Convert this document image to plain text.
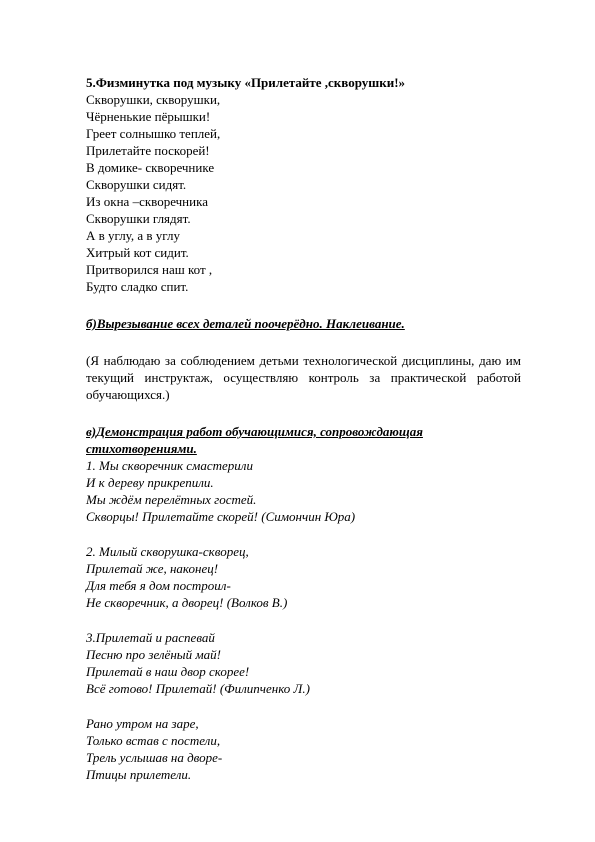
5.Физминутка под музыку «Прилетайте ,скворушки!»

Скворушки, скворушки,

Чёрненькие пёрышки!

Греет солнышко теплей,

Прилетайте поскорей!

В домике- скворечнике

Скворушки сидят.

Из окна –скворечника

Скворушки глядят.

А в углу, а в углу

Хитрый кот сидит.

Притворился наш кот ,

Будто сладко спит.

б)Вырезывание всех деталей поочерёдно. Наклеивание.

(Я наблюдаю за соблюдением детьми технологической дисциплины, даю им текущий инструктаж, осуществляю контроль за практической работой обучающихся.)

в)Демонстрация работ обучающимися, сопровождающая стихотворениями.

1. Мы скворечник смастерили

И к дереву прикрепили.

Мы ждём перелётных гостей.

Скворцы! Прилетайте скорей! (Симончин Юра)

2. Милый скворушка-скворец,

Прилетай же, наконец!

Для тебя я дом построил-

Не скворечник, а дворец! (Волков В.)

3.Прилетай и распевай

Песню про зелёный май!

Прилетай в наш двор скорее!

Всё готово! Прилетай! (Филипченко Л.)

Рано утром на заре,

Только встав с постели,

Трель услышав на дворе-

Птицы прилетели.
